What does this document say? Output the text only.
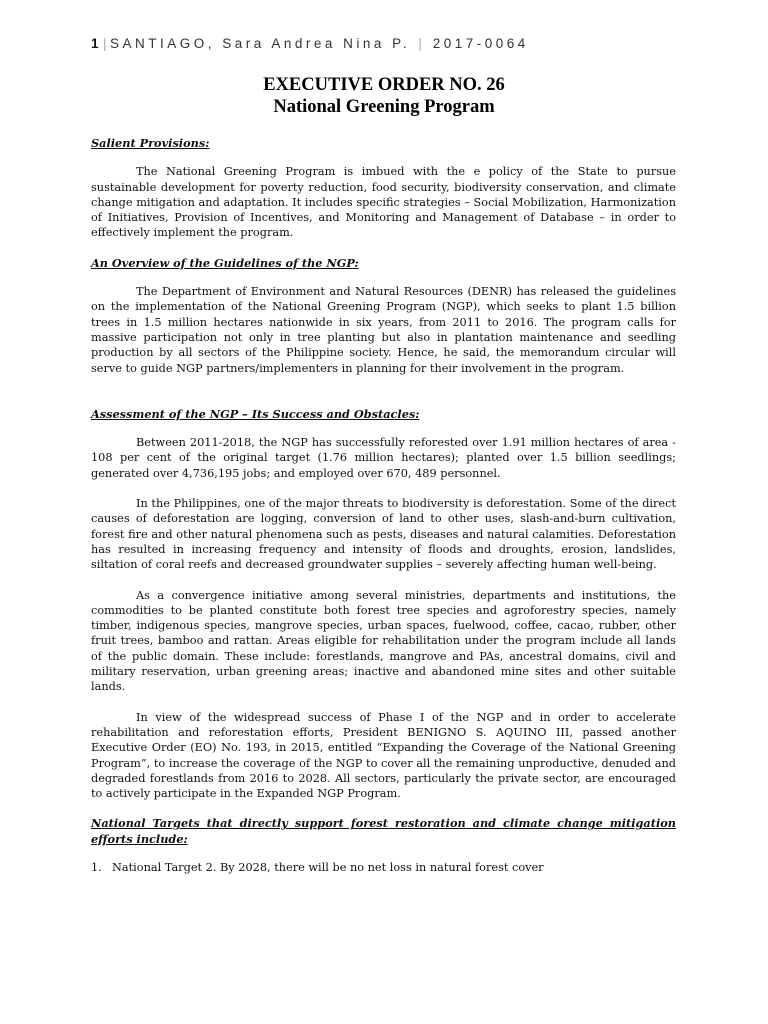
1|SANTIAGO, Sara Andrea Nina P. | 2017-0064
EXECUTIVE ORDER NO. 26
National Greening Program
Salient Provisions:

The National Greening Program is imbued with the e policy of the State to pursue sustainable development for poverty reduction, food security, biodiversity conservation, and climate change mitigation and adaptation. It includes specific strategies – Social Mobilization, Harmonization of Initiatives, Provision of Incentives, and Monitoring and Management of Database – in order to effectively implement the program.

An Overview of the Guidelines of the NGP:

The Department of Environment and Natural Resources (DENR) has released the guidelines on the implementation of the National Greening Program (NGP), which seeks to plant 1.5 billion trees in 1.5 million hectares nationwide in six years, from 2011 to 2016. The program calls for massive participation not only in tree planting but also in plantation maintenance and seedling production by all sectors of the Philippine society. Hence, he said, the memorandum circular will serve to guide NGP partners/implementers in planning for their involvement in the program.

Assessment of the NGP – Its Success and Obstacles:

Between 2011-2018, the NGP has successfully reforested over 1.91 million hectares of area - 108 per cent of the original target (1.76 million hectares); planted over 1.5 billion seedlings; generated over 4,736,195 jobs; and employed over 670, 489 personnel.

In the Philippines, one of the major threats to biodiversity is deforestation. Some of the direct causes of deforestation are logging, conversion of land to other uses, slash-and-burn cultivation, forest fire and other natural phenomena such as pests, diseases and natural calamities. Deforestation has resulted in increasing frequency and intensity of floods and droughts, erosion, landslides, siltation of coral reefs and decreased groundwater supplies – severely affecting human well-being.

As a convergence initiative among several ministries, departments and institutions, the commodities to be planted constitute both forest tree species and agroforestry species, namely timber, indigenous species, mangrove species, urban spaces, fuelwood, coffee, cacao, rubber, other fruit trees, bamboo and rattan. Areas eligible for rehabilitation under the program include all lands of the public domain. These include: forestlands, mangrove and PAs, ancestral domains, civil and military reservation, urban greening areas; inactive and abandoned mine sites and other suitable lands.

In view of the widespread success of Phase I of the NGP and in order to accelerate rehabilitation and reforestation efforts, President BENIGNO S. AQUINO III, passed another Executive Order (EO) No. 193, in 2015, entitled “Expanding the Coverage of the National Greening Program”, to increase the coverage of the NGP to cover all the remaining unproductive, denuded and degraded forestlands from 2016 to 2028. All sectors, particularly the private sector, are encouraged to actively participate in the Expanded NGP Program.

National Targets that directly support forest restoration and climate change mitigation efforts include:
1. National Target 2. By 2028, there will be no net loss in natural forest cover
